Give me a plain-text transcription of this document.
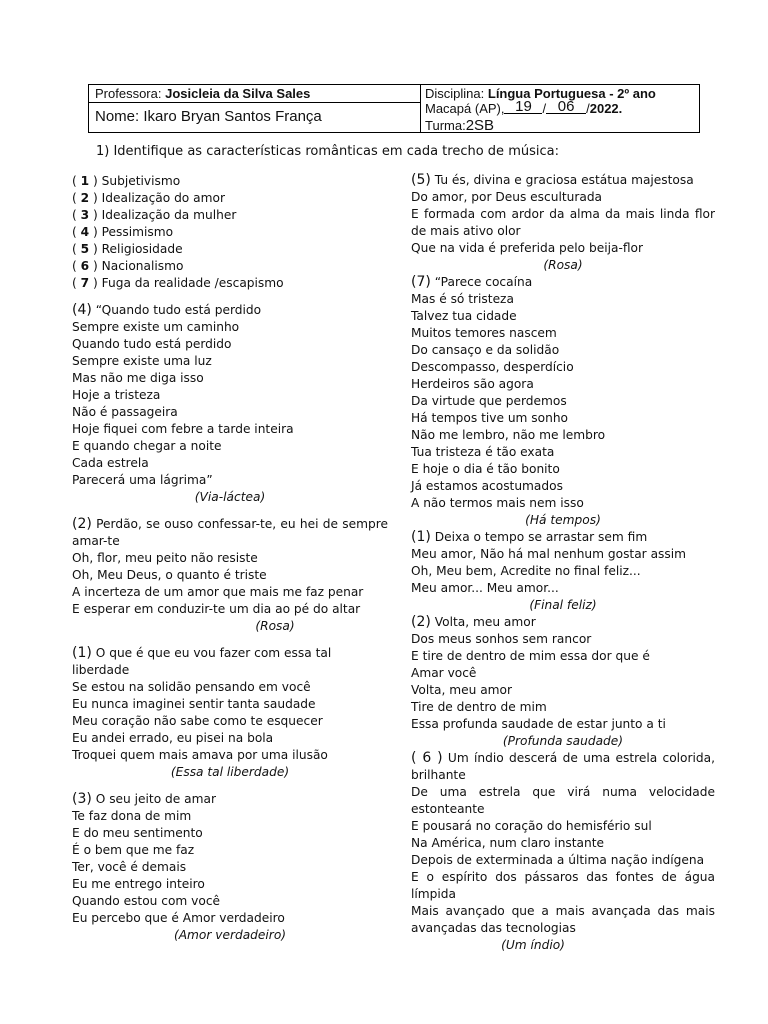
Professora: Josicleia da Silva Sales
Nome: Ikaro Bryan Santos França
Disciplina: Língua Portuguesa - 2º ano
Macapá (AP), 19 / 06 /2022.
Turma:2SB
1) Identifique as características românticas em cada trecho de música:
( 1 ) Subjetivismo
( 2 ) Idealização do amor
( 3 ) Idealização da mulher
( 4 ) Pessimismo
( 5 ) Religiosidade
( 6 ) Nacionalismo
( 7 ) Fuga da realidade /escapismo
(4) “Quando tudo está perdido
Sempre existe um caminho
Quando tudo está perdido
Sempre existe uma luz
Mas não me diga isso
Hoje a tristeza
Não é passageira
Hoje fiquei com febre a tarde inteira
E quando chegar a noite
Cada estrela
Parecerá uma lágrima”
(Via-láctea)
(2) Perdão, se ouso confessar-te, eu hei de sempre amar-te
Oh, flor, meu peito não resiste
Oh, Meu Deus, o quanto é triste
A incerteza de um amor que mais me faz penar
E esperar em conduzir-te um dia ao pé do altar
(Rosa)
(1) O que é que eu vou fazer com essa tal liberdade
Se estou na solidão pensando em você
Eu nunca imaginei sentir tanta saudade
Meu coração não sabe como te esquecer
Eu andei errado, eu pisei na bola
Troquei quem mais amava por uma ilusão
(Essa tal liberdade)
(3) O seu jeito de amar
Te faz dona de mim
E do meu sentimento
É o bem que me faz
Ter, você é demais
Eu me entrego inteiro
Quando estou com você
Eu percebo que é Amor verdadeiro
(Amor verdadeiro)
(5) Tu és, divina e graciosa estátua majestosa
Do amor, por Deus esculturada
E formada com ardor da alma da mais linda flor de mais ativo olor
Que na vida é preferida pelo beija-flor
(Rosa)
(7) “Parece cocaína
Mas é só tristeza
Talvez tua cidade
Muitos temores nascem
Do cansaço e da solidão
Descompasso, desperdício
Herdeiros são agora
Da virtude que perdemos
Há tempos tive um sonho
Não me lembro, não me lembro
Tua tristeza é tão exata
E hoje o dia é tão bonito
Já estamos acostumados
A não termos mais nem isso
(Há tempos)
(1) Deixa o tempo se arrastar sem fim
Meu amor, Não há mal nenhum gostar assim
Oh, Meu bem, Acredite no final feliz...
Meu amor... Meu amor...
(Final feliz)
(2) Volta, meu amor
Dos meus sonhos sem rancor
E tire de dentro de mim essa dor que é
Amar você
Volta, meu amor
Tire de dentro de mim
Essa profunda saudade de estar junto a ti
(Profunda saudade)
( 6 ) Um índio descerá de uma estrela colorida, brilhante
De uma estrela que virá numa velocidade estonteante
E pousará no coração do hemisfério sul
Na América, num claro instante
Depois de exterminada a última nação indígena
E o espírito dos pássaros das fontes de água límpida
Mais avançado que a mais avançada das mais avançadas das tecnologias
(Um índio)
